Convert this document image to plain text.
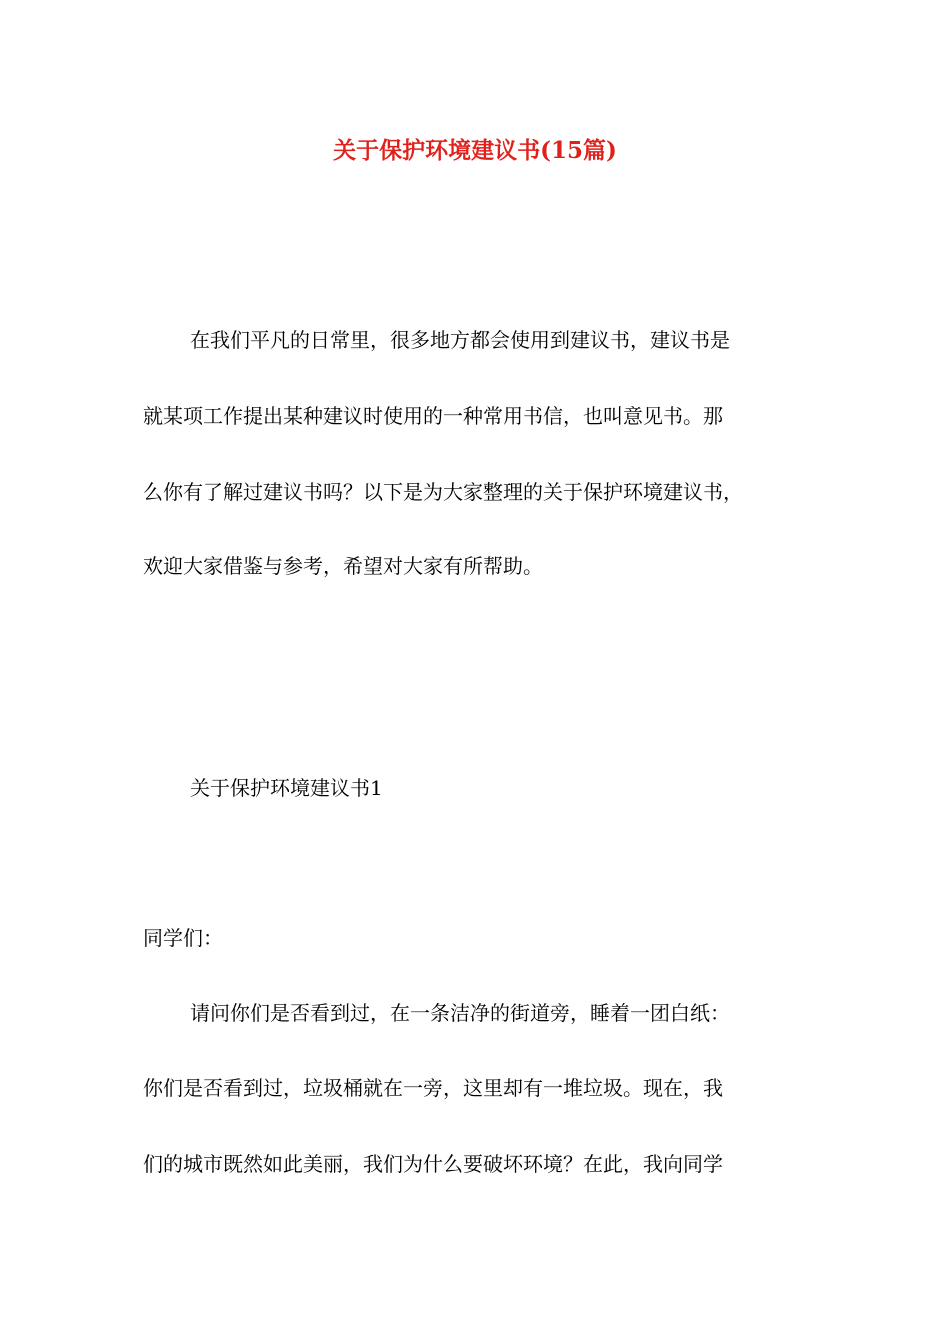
关于保护环境建议书(15篇)
在我们平凡的日常里，很多地方都会使用到建议书，建议书是
就某项工作提出某种建议时使用的一种常用书信，也叫意见书。那
么你有了解过建议书吗？以下是为大家整理的关于保护环境建议书，
欢迎大家借鉴与参考，希望对大家有所帮助。
关于保护环境建议书1
同学们：
请问你们是否看到过，在一条洁净的街道旁，睡着一团白纸：
你们是否看到过，垃圾桶就在一旁，这里却有一堆垃圾。现在，我
们的城市既然如此美丽，我们为什么要破坏环境？在此，我向同学
